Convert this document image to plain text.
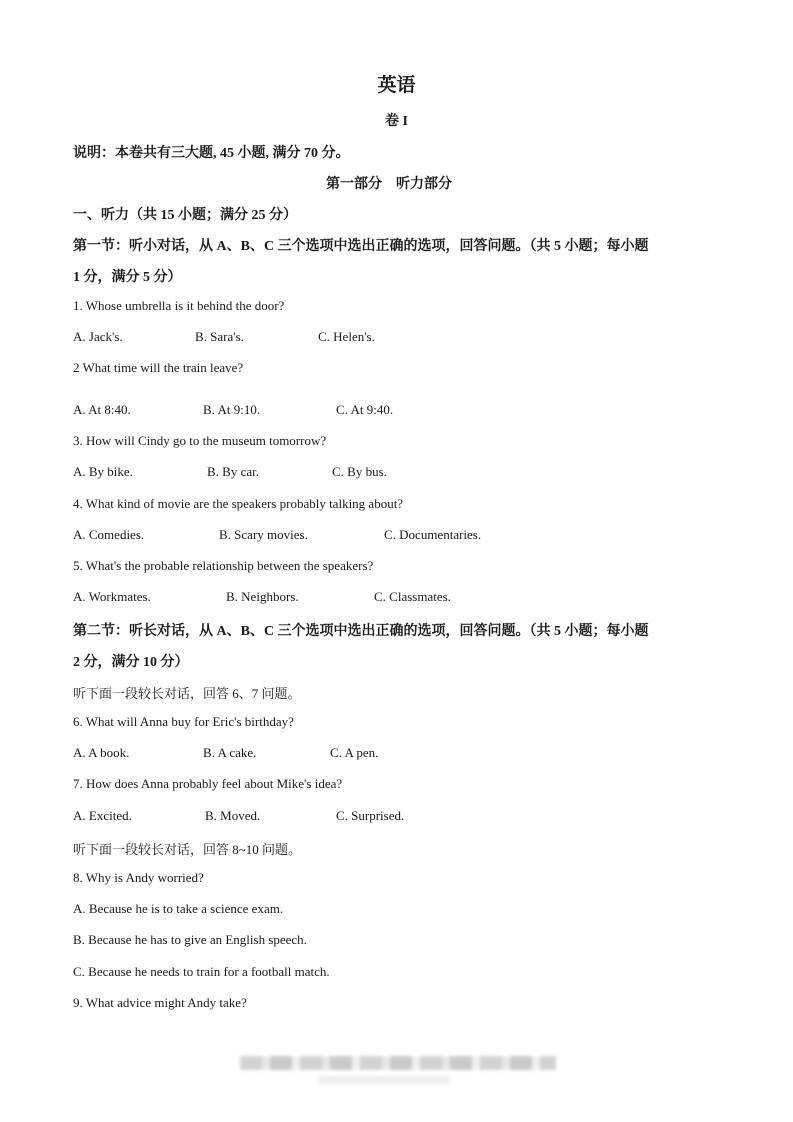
英语
卷 I
说明：本卷共有三大题, 45 小题, 满分 70 分。
第一部分　听力部分
一、听力（共 15 小题；满分 25 分）
第一节：听小对话，从 A、B、C 三个选项中选出正确的选项，回答问题。（共 5 小题；每小题
1 分，满分 5 分）
1. Whose umbrella is it behind the door?
A. Jack's.	B. Sara's.	C. Helen's.
2 What time will the train leave?
A. At 8:40.	B. At 9:10.	C. At 9:40.
3. How will Cindy go to the museum tomorrow?
A. By bike.	B. By car.	C. By bus.
4. What kind of movie are the speakers probably talking about?
A. Comedies.	B. Scary movies.	C. Documentaries.
5. What's the probable relationship between the speakers?
A. Workmates.	B. Neighbors.	C. Classmates.
第二节：听长对话，从 A、B、C 三个选项中选出正确的选项，回答问题。（共 5 小题；每小题
2 分，满分 10 分）
听下面一段较长对话，回答 6、7 问题。
6. What will Anna buy for Eric's birthday?
A. A book.	B. A cake.	C. A pen.
7. How does Anna probably feel about Mike's idea?
A. Excited.	B. Moved.	C. Surprised.
听下面一段较长对话，回答 8~10 问题。
8. Why is Andy worried?
A. Because he is to take a science exam.
B. Because he has to give an English speech.
C. Because he needs to train for a football match.
9. What advice might Andy take?
